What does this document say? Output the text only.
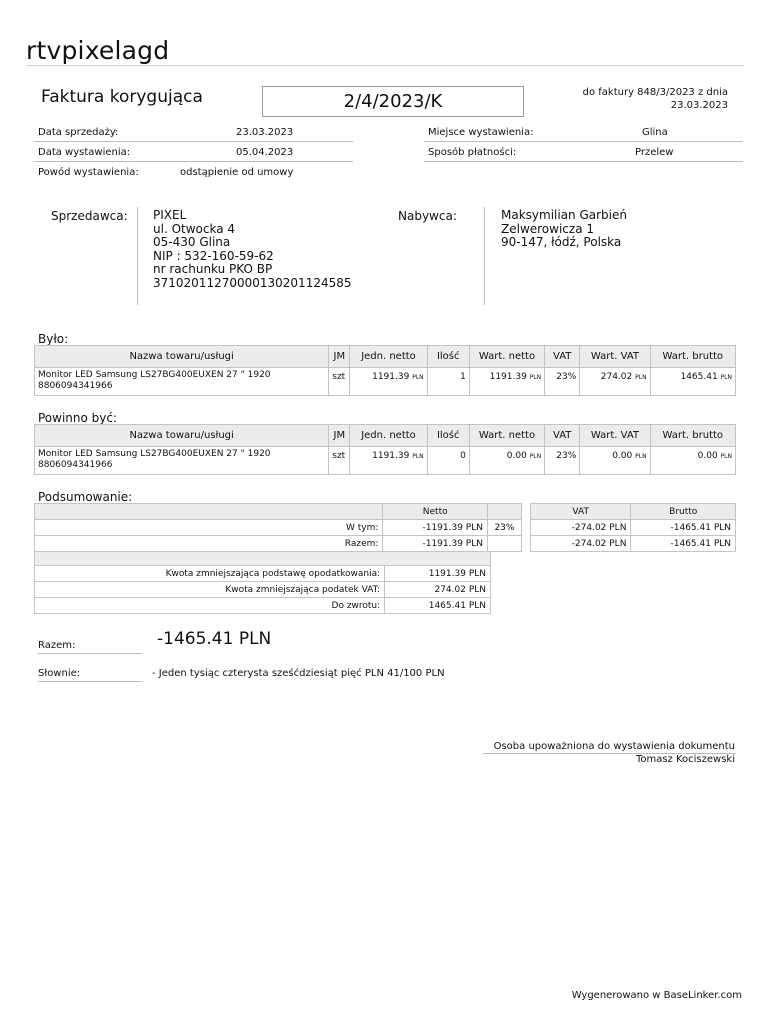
rtvpixelagd
Faktura korygująca	2/4/2023/K	do faktury 848/3/2023 z dnia
23.03.2023
Data sprzedaży:	23.03.2023
Data wystawienia:	05.04.2023
Powód wystawienia:	odstąpienie od umowy
Miejsce wystawienia:	Glina
Sposób płatności:	Przelew
Sprzedawca: PIXEL
ul. Otwocka 4
05-430 Glina
NIP : 532-160-59-62
nr rachunku PKO BP
37102011270000130201124585
Nabywca:	Maksymilian Garbień
Zelwerowicza 1
90-147, łódź, Polska
Było:
Nazwa towaru/usługi	JM	Jedn. netto	Ilość	Wart. netto	VAT	Wart. VAT	Wart. brutto

Monitor LED Samsung LS27BG400EUXEN 27 " 1920
8806094341966	szt	1191.39 PLN	1	1191.39 PLN	23%	274.02 PLN	1465.41 PLN
Powinno być:
Nazwa towaru/usługi	JM	Jedn. netto	Ilość	Wart. netto	VAT	Wart. VAT	Wart. brutto

Monitor LED Samsung LS27BG400EUXEN 27 " 1920
8806094341966	szt	1191.39 PLN	0	0.00 PLN	23%	0.00 PLN	0.00 PLN
Podsumowanie:
	Netto			VAT	Brutto
W tym:	-1191.39 PLN	23%		-274.02 PLN	-1465.41 PLN
Razem:	-1191.39 PLN			-274.02 PLN	-1465.41 PLN

Kwota zmniejszająca podstawę opodatkowania:	1191.39 PLN
Kwota zmniejszająca podatek VAT:	274.02 PLN
Do zwrotu:	1465.41 PLN
Razem:	-1465.41 PLN
Słownie:	- Jeden tysiąc czterysta sześćdziesiąt pięć PLN 41/100 PLN
Osoba upoważniona do wystawienia dokumentu
Tomasz Kociszewski
Wygenerowano w BaseLinker.com
